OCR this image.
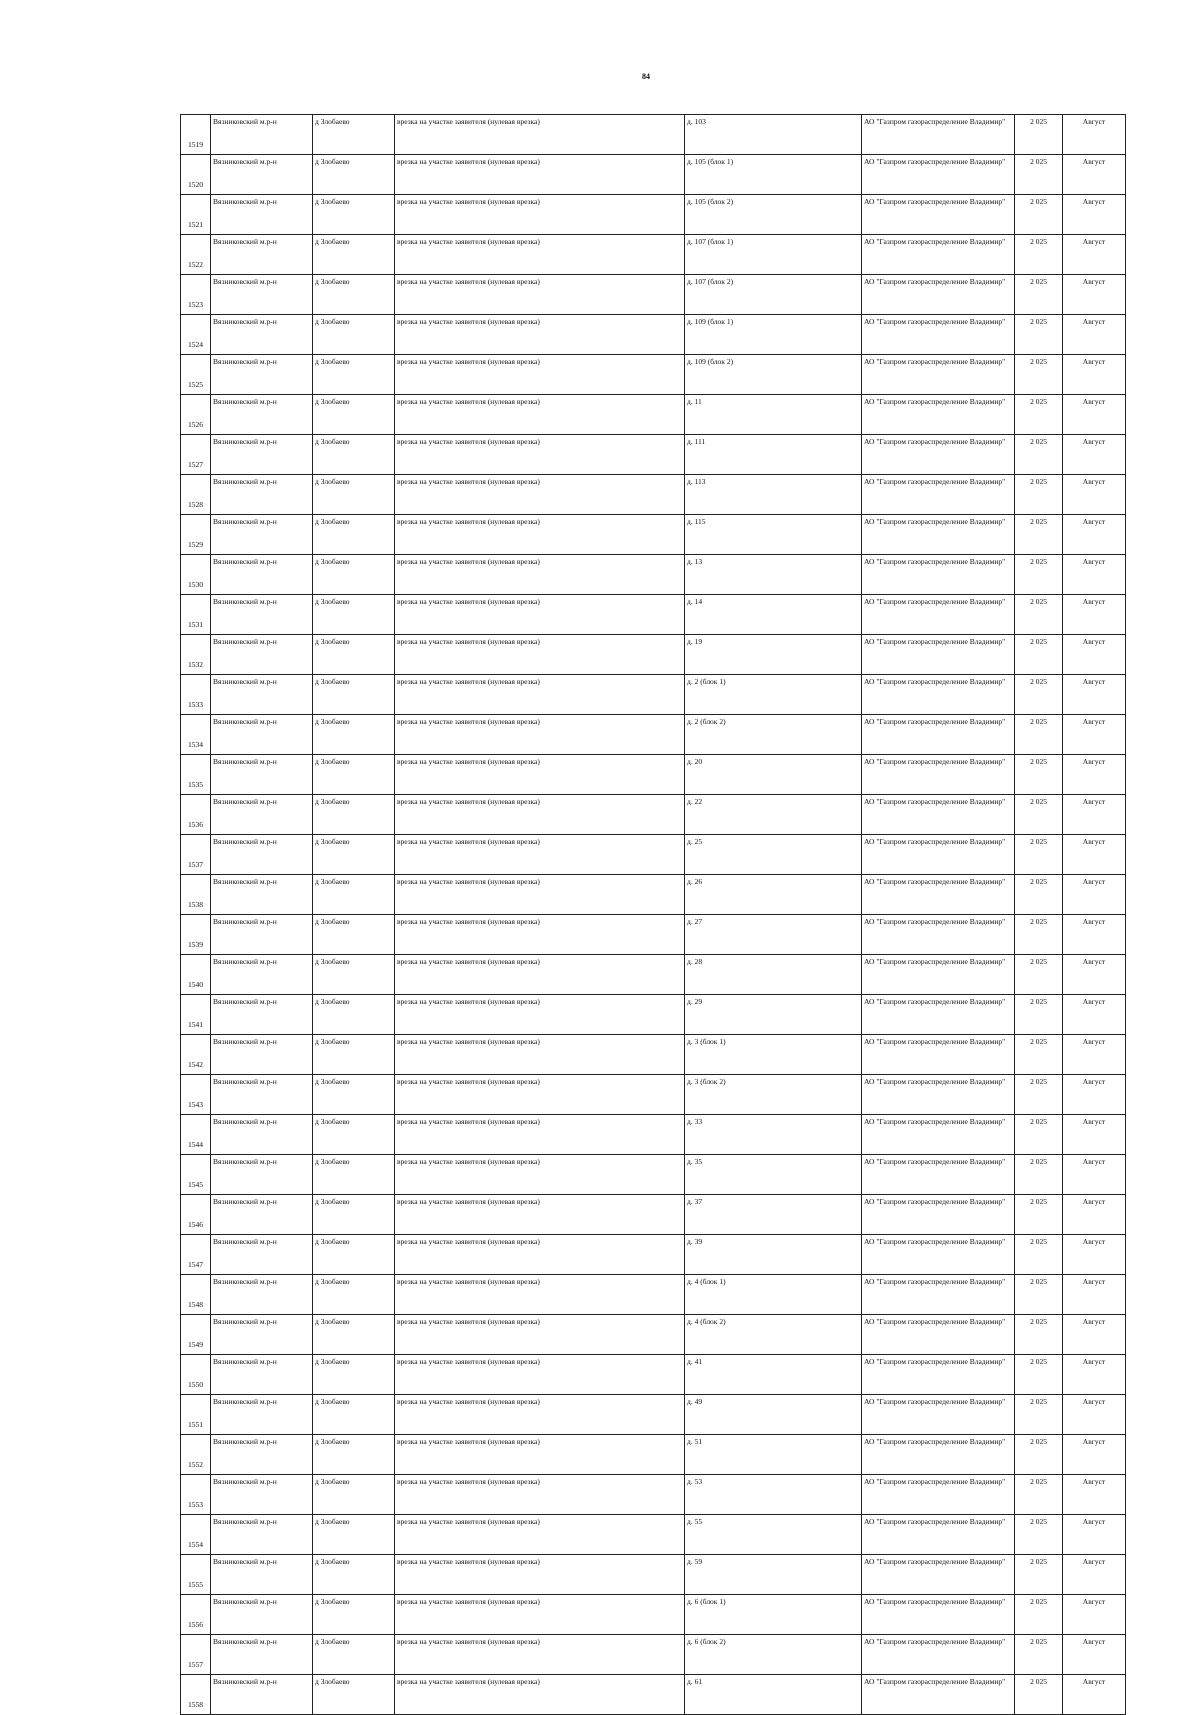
84
1519	Вязниковский м.р-н	д Злобаево	врезка на участке заявителя (нулевая врезка)	д. 103	АО "Газпром газораспределение Владимир"	2 025	Август
1520	Вязниковский м.р-н	д Злобаево	врезка на участке заявителя (нулевая врезка)	д. 105 (блок 1)	АО "Газпром газораспределение Владимир"	2 025	Август
1521	Вязниковский м.р-н	д Злобаево	врезка на участке заявителя (нулевая врезка)	д. 105 (блок 2)	АО "Газпром газораспределение Владимир"	2 025	Август
1522	Вязниковский м.р-н	д Злобаево	врезка на участке заявителя (нулевая врезка)	д. 107 (блок 1)	АО "Газпром газораспределение Владимир"	2 025	Август
1523	Вязниковский м.р-н	д Злобаево	врезка на участке заявителя (нулевая врезка)	д. 107 (блок 2)	АО "Газпром газораспределение Владимир"	2 025	Август
1524	Вязниковский м.р-н	д Злобаево	врезка на участке заявителя (нулевая врезка)	д. 109 (блок 1)	АО "Газпром газораспределение Владимир"	2 025	Август
1525	Вязниковский м.р-н	д Злобаево	врезка на участке заявителя (нулевая врезка)	д. 109 (блок 2)	АО "Газпром газораспределение Владимир"	2 025	Август
1526	Вязниковский м.р-н	д Злобаево	врезка на участке заявителя (нулевая врезка)	д. 11	АО "Газпром газораспределение Владимир"	2 025	Август
1527	Вязниковский м.р-н	д Злобаево	врезка на участке заявителя (нулевая врезка)	д. 111	АО "Газпром газораспределение Владимир"	2 025	Август
1528	Вязниковский м.р-н	д Злобаево	врезка на участке заявителя (нулевая врезка)	д. 113	АО "Газпром газораспределение Владимир"	2 025	Август
1529	Вязниковский м.р-н	д Злобаево	врезка на участке заявителя (нулевая врезка)	д. 115	АО "Газпром газораспределение Владимир"	2 025	Август
1530	Вязниковский м.р-н	д Злобаево	врезка на участке заявителя (нулевая врезка)	д. 13	АО "Газпром газораспределение Владимир"	2 025	Август
1531	Вязниковский м.р-н	д Злобаево	врезка на участке заявителя (нулевая врезка)	д. 14	АО "Газпром газораспределение Владимир"	2 025	Август
1532	Вязниковский м.р-н	д Злобаево	врезка на участке заявителя (нулевая врезка)	д. 19	АО "Газпром газораспределение Владимир"	2 025	Август
1533	Вязниковский м.р-н	д Злобаево	врезка на участке заявителя (нулевая врезка)	д. 2 (блок 1)	АО "Газпром газораспределение Владимир"	2 025	Август
1534	Вязниковский м.р-н	д Злобаево	врезка на участке заявителя (нулевая врезка)	д. 2 (блок 2)	АО "Газпром газораспределение Владимир"	2 025	Август
1535	Вязниковский м.р-н	д Злобаево	врезка на участке заявителя (нулевая врезка)	д. 20	АО "Газпром газораспределение Владимир"	2 025	Август
1536	Вязниковский м.р-н	д Злобаево	врезка на участке заявителя (нулевая врезка)	д. 22	АО "Газпром газораспределение Владимир"	2 025	Август
1537	Вязниковский м.р-н	д Злобаево	врезка на участке заявителя (нулевая врезка)	д. 25	АО "Газпром газораспределение Владимир"	2 025	Август
1538	Вязниковский м.р-н	д Злобаево	врезка на участке заявителя (нулевая врезка)	д. 26	АО "Газпром газораспределение Владимир"	2 025	Август
1539	Вязниковский м.р-н	д Злобаево	врезка на участке заявителя (нулевая врезка)	д. 27	АО "Газпром газораспределение Владимир"	2 025	Август
1540	Вязниковский м.р-н	д Злобаево	врезка на участке заявителя (нулевая врезка)	д. 28	АО "Газпром газораспределение Владимир"	2 025	Август
1541	Вязниковский м.р-н	д Злобаево	врезка на участке заявителя (нулевая врезка)	д. 29	АО "Газпром газораспределение Владимир"	2 025	Август
1542	Вязниковский м.р-н	д Злобаево	врезка на участке заявителя (нулевая врезка)	д. 3 (блок 1)	АО "Газпром газораспределение Владимир"	2 025	Август
1543	Вязниковский м.р-н	д Злобаево	врезка на участке заявителя (нулевая врезка)	д. 3 (блок 2)	АО "Газпром газораспределение Владимир"	2 025	Август
1544	Вязниковский м.р-н	д Злобаево	врезка на участке заявителя (нулевая врезка)	д. 33	АО "Газпром газораспределение Владимир"	2 025	Август
1545	Вязниковский м.р-н	д Злобаево	врезка на участке заявителя (нулевая врезка)	д. 35	АО "Газпром газораспределение Владимир"	2 025	Август
1546	Вязниковский м.р-н	д Злобаево	врезка на участке заявителя (нулевая врезка)	д. 37	АО "Газпром газораспределение Владимир"	2 025	Август
1547	Вязниковский м.р-н	д Злобаево	врезка на участке заявителя (нулевая врезка)	д. 39	АО "Газпром газораспределение Владимир"	2 025	Август
1548	Вязниковский м.р-н	д Злобаево	врезка на участке заявителя (нулевая врезка)	д. 4 (блок 1)	АО "Газпром газораспределение Владимир"	2 025	Август
1549	Вязниковский м.р-н	д Злобаево	врезка на участке заявителя (нулевая врезка)	д. 4 (блок 2)	АО "Газпром газораспределение Владимир"	2 025	Август
1550	Вязниковский м.р-н	д Злобаево	врезка на участке заявителя (нулевая врезка)	д. 41	АО "Газпром газораспределение Владимир"	2 025	Август
1551	Вязниковский м.р-н	д Злобаево	врезка на участке заявителя (нулевая врезка)	д. 49	АО "Газпром газораспределение Владимир"	2 025	Август
1552	Вязниковский м.р-н	д Злобаево	врезка на участке заявителя (нулевая врезка)	д. 51	АО "Газпром газораспределение Владимир"	2 025	Август
1553	Вязниковский м.р-н	д Злобаево	врезка на участке заявителя (нулевая врезка)	д. 53	АО "Газпром газораспределение Владимир"	2 025	Август
1554	Вязниковский м.р-н	д Злобаево	врезка на участке заявителя (нулевая врезка)	д. 55	АО "Газпром газораспределение Владимир"	2 025	Август
1555	Вязниковский м.р-н	д Злобаево	врезка на участке заявителя (нулевая врезка)	д. 59	АО "Газпром газораспределение Владимир"	2 025	Август
1556	Вязниковский м.р-н	д Злобаево	врезка на участке заявителя (нулевая врезка)	д. 6 (блок 1)	АО "Газпром газораспределение Владимир"	2 025	Август
1557	Вязниковский м.р-н	д Злобаево	врезка на участке заявителя (нулевая врезка)	д. 6 (блок 2)	АО "Газпром газораспределение Владимир"	2 025	Август
1558	Вязниковский м.р-н	д Злобаево	врезка на участке заявителя (нулевая врезка)	д. 61	АО "Газпром газораспределение Владимир"	2 025	Август
